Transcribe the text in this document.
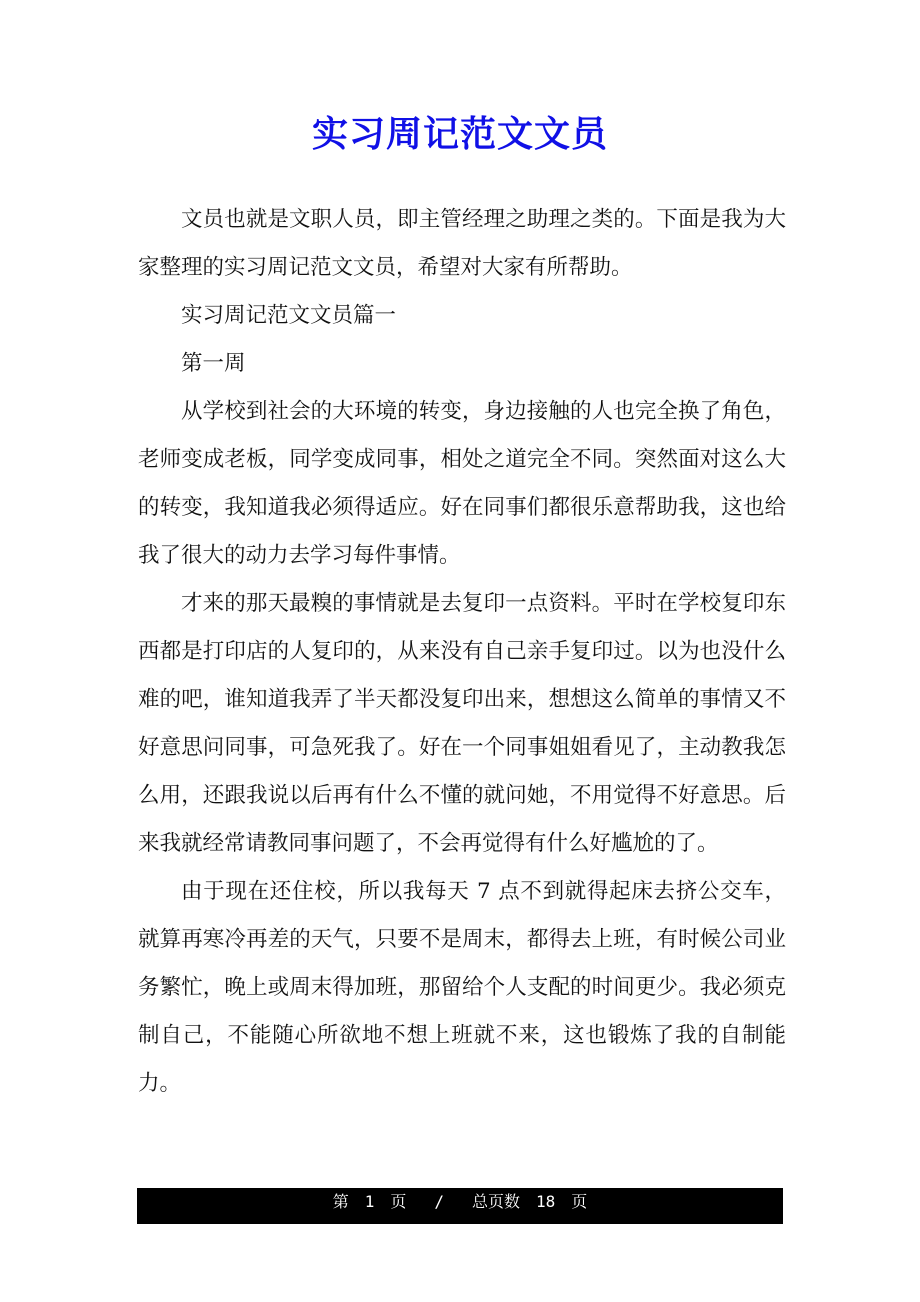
实习周记范文文员

文员也就是文职人员，即主管经理之助理之类的。下面是我为大家整理的实习周记范文文员，希望对大家有所帮助。

实习周记范文文员篇一

第一周

从学校到社会的大环境的转变，身边接触的人也完全换了角色，老师变成老板，同学变成同事，相处之道完全不同。突然面对这么大的转变，我知道我必须得适应。好在同事们都很乐意帮助我，这也给我了很大的动力去学习每件事情。

才来的那天最糗的事情就是去复印一点资料。平时在学校复印东西都是打印店的人复印的，从来没有自己亲手复印过。以为也没什么难的吧，谁知道我弄了半天都没复印出来，想想这么简单的事情又不好意思问同事，可急死我了。好在一个同事姐姐看见了，主动教我怎么用，还跟我说以后再有什么不懂的就问她，不用觉得不好意思。后来我就经常请教同事问题了，不会再觉得有什么好尴尬的了。

由于现在还住校，所以我每天 7 点不到就得起床去挤公交车，就算再寒冷再差的天气，只要不是周末，都得去上班，有时候公司业务繁忙，晚上或周末得加班，那留给个人支配的时间更少。我必须克制自己，不能随心所欲地不想上班就不来，这也锻炼了我的自制能力。

第 1 页 / 总页数 18 页
